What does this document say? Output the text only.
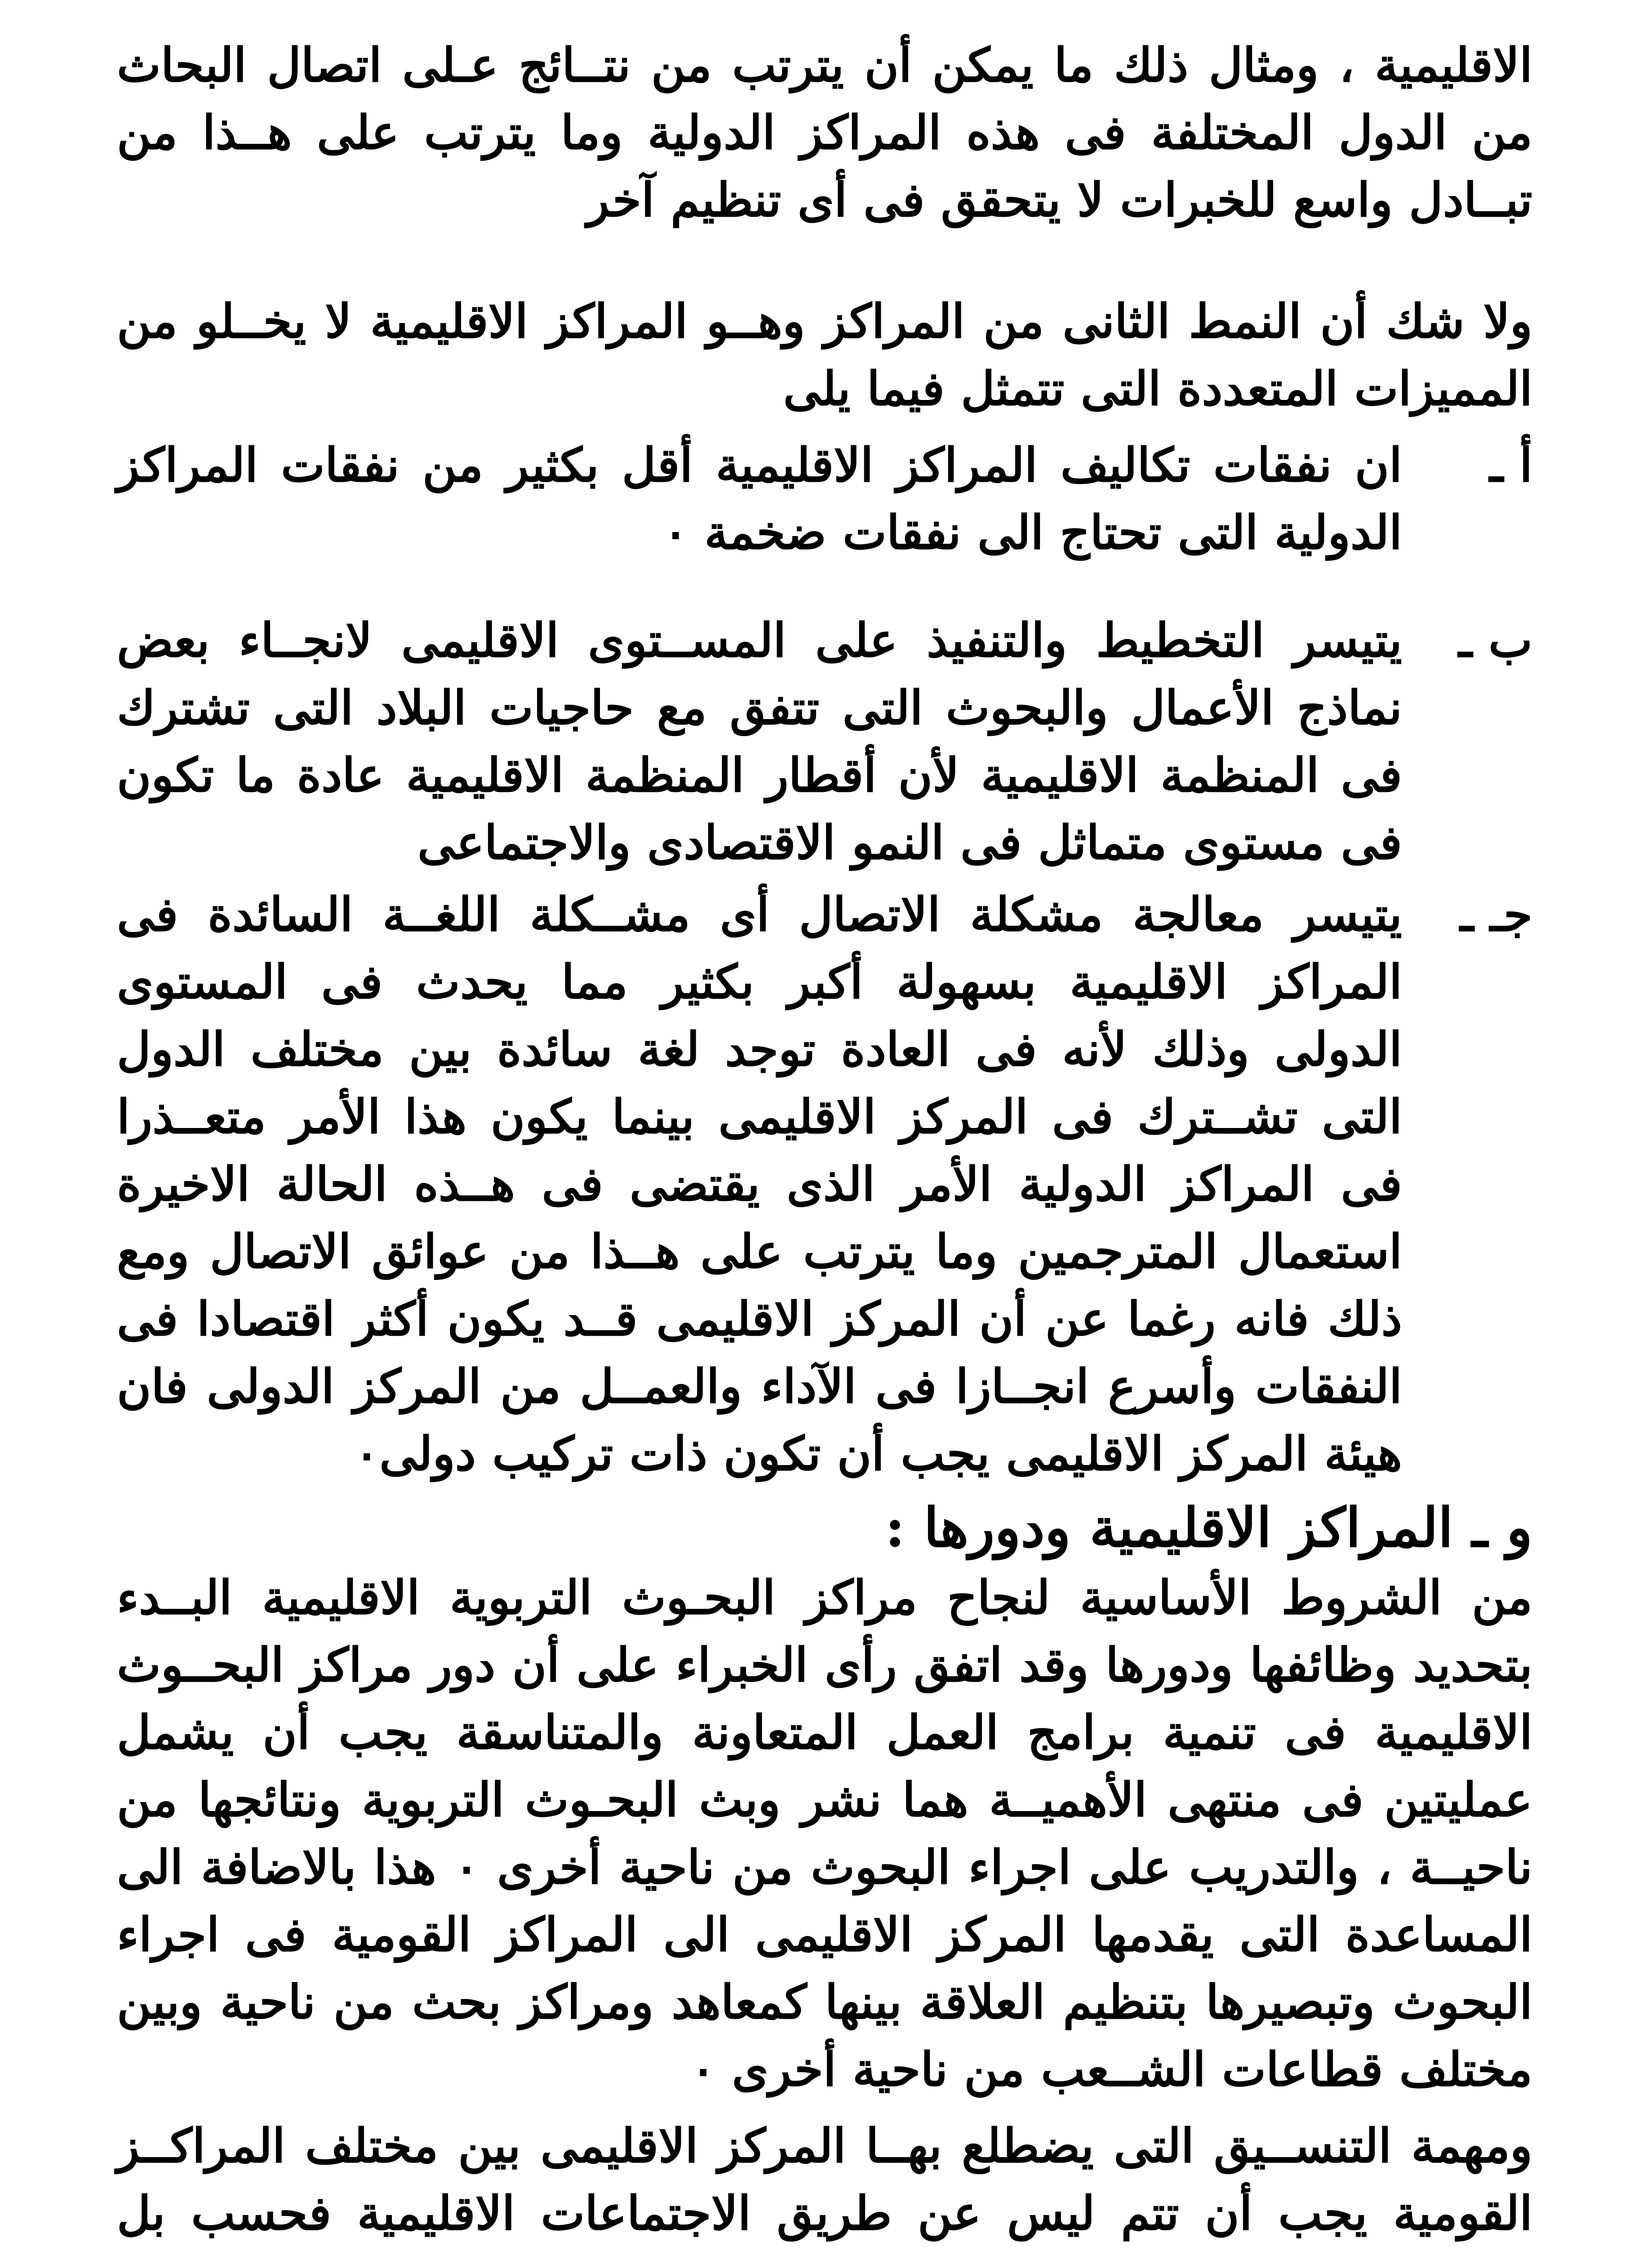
الاقليمية ، ومثال ذلك ما يمكن أن يترتب من نتــائج عـلى اتصال البحاث من الدول المختلفة فى هذه المراكز الدولية وما يترتب على هــذا من تبــادل واسع للخبرات لا يتحقق فى أى تنظيم آخر

ولا شك أن النمط الثانى من المراكز وهــو المراكز الاقليمية لا يخــلو من المميزات المتعددة التى تتمثل فيما يلى

أ ـ
ان نفقات تكاليف المراكز الاقليمية أقل بكثير من نفقات المراكز الدولية التى تحتاج الى نفقات ضخمة ٠
ب ـ
يتيسر التخطيط والتنفيذ على المســتوى الاقليمى لانجــاء بعض نماذج الأعمال والبحوث التى تتفق مع حاجيات البلاد التى تشترك فى المنظمة الاقليمية لأن أقطار المنظمة الاقليمية عادة ما تكون فى مستوى متماثل فى النمو الاقتصادى والاجتماعى
جـ ـ
يتيسر معالجة مشكلة الاتصال أى مشــكلة اللغــة السائدة فى المراكز الاقليمية بسهولة أكبر بكثير مما يحدث فى المستوى الدولى وذلك لأنه فى العادة توجد لغة سائدة بين مختلف الدول التى تشــترك فى المركز الاقليمى بينما يكون هذا الأمر متعــذرا فى المراكز الدولية الأمر الذى يقتضى فى هــذه الحالة الاخيرة استعمال المترجمين وما يترتب على هــذا من عوائق الاتصال ومع ذلك فانه رغما عن أن المركز الاقليمى قــد يكون أكثر اقتصادا فى النفقات وأسرع انجــازا فى الآداء والعمــل من المركز الدولى فان هيئة المركز الاقليمى يجب أن تكون ذات تركيب دولى٠
و ـ المراكز الاقليمية ودورها :

من الشروط الأساسية لنجاح مراكز البحـوث التربوية الاقليمية البــدء بتحديد وظائفها ودورها وقد اتفق رأى الخبراء على أن دور مراكز البحــوث الاقليمية فى تنمية برامج العمل المتعاونة والمتناسقة يجب أن يشمل عمليتين فى منتهى الأهميــة هما نشر وبث البحـوث التربوية ونتائجها من ناحيــة ، والتدريب على اجراء البحوث من ناحية أخرى ٠ هذا بالاضافة الى المساعدة التى يقدمها المركز الاقليمى الى المراكز القومية فى اجراء البحوث وتبصيرها بتنظيم العلاقة بينها كمعاهد ومراكز بحث من ناحية وبين مختلف قطاعات الشــعب من ناحية أخرى ٠

ومهمة التنســيق التى يضطلع بهــا المركز الاقليمى بين مختلف المراكــز القومية يجب أن تتم ليس عن طريق الاجتماعات الاقليمية فحسب بل
